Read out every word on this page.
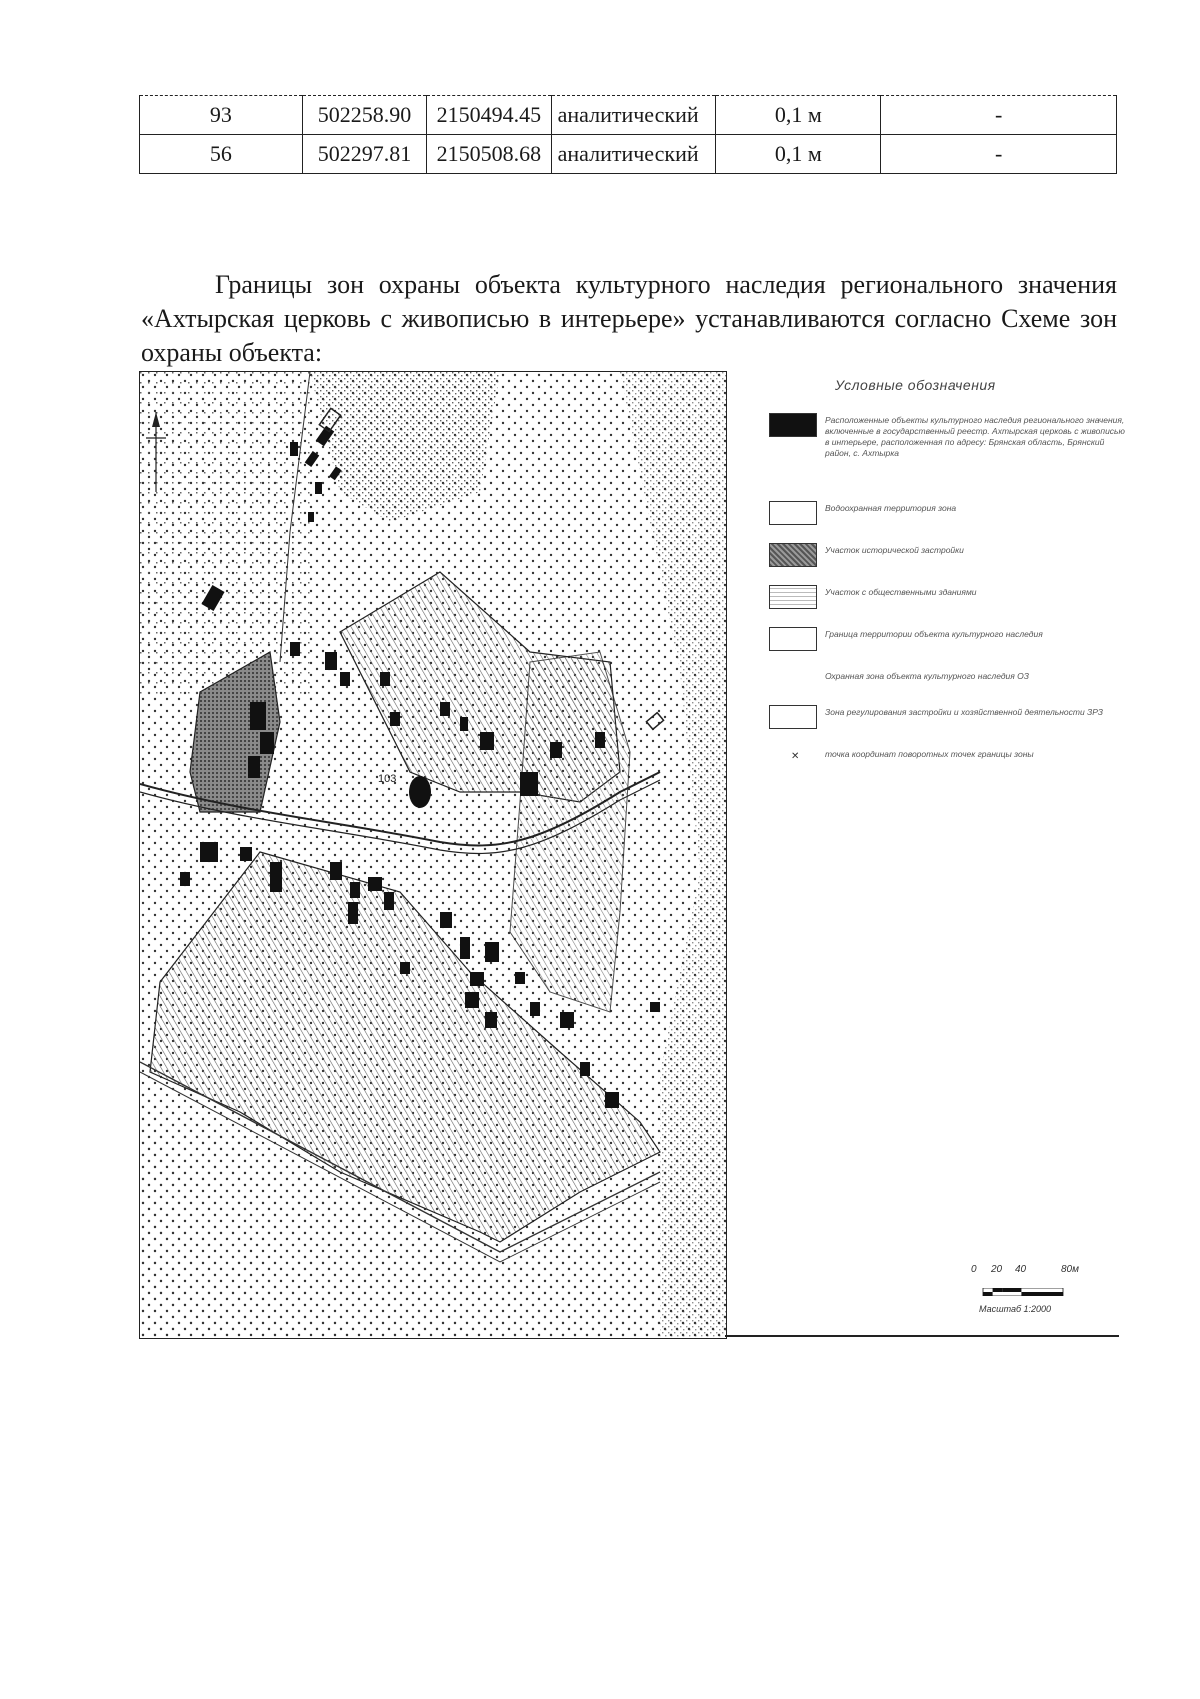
93	502258.90	2150494.45	аналитический	0,1 м	-
56	502297.81	2150508.68	аналитический	0,1 м	-

Границы зон охраны объекта культурного наследия регионального значения «Ахтырская церковь с живописью в интерьере» устанавливаются согласно Схеме зон охраны объекта:

103
Условные обозначения
Расположенные объекты культурного наследия регионального значения, включенные в государственный реестр. Ахтырская церковь с живописью в интерьере, расположенная по адресу: Брянская область, Брянский район, с. Ахтырка
Водоохранная территория зона
Участок исторической застройки
Участок с общественными зданиями
Граница территории объекта культурного наследия
Охранная зона объекта культурного наследия ОЗ
Зона регулирования застройки и хозяйственной деятельности ЗРЗ
✕	точка координат поворотных точек границы зоны
0 20 40	80м
Масштаб 1:2000
